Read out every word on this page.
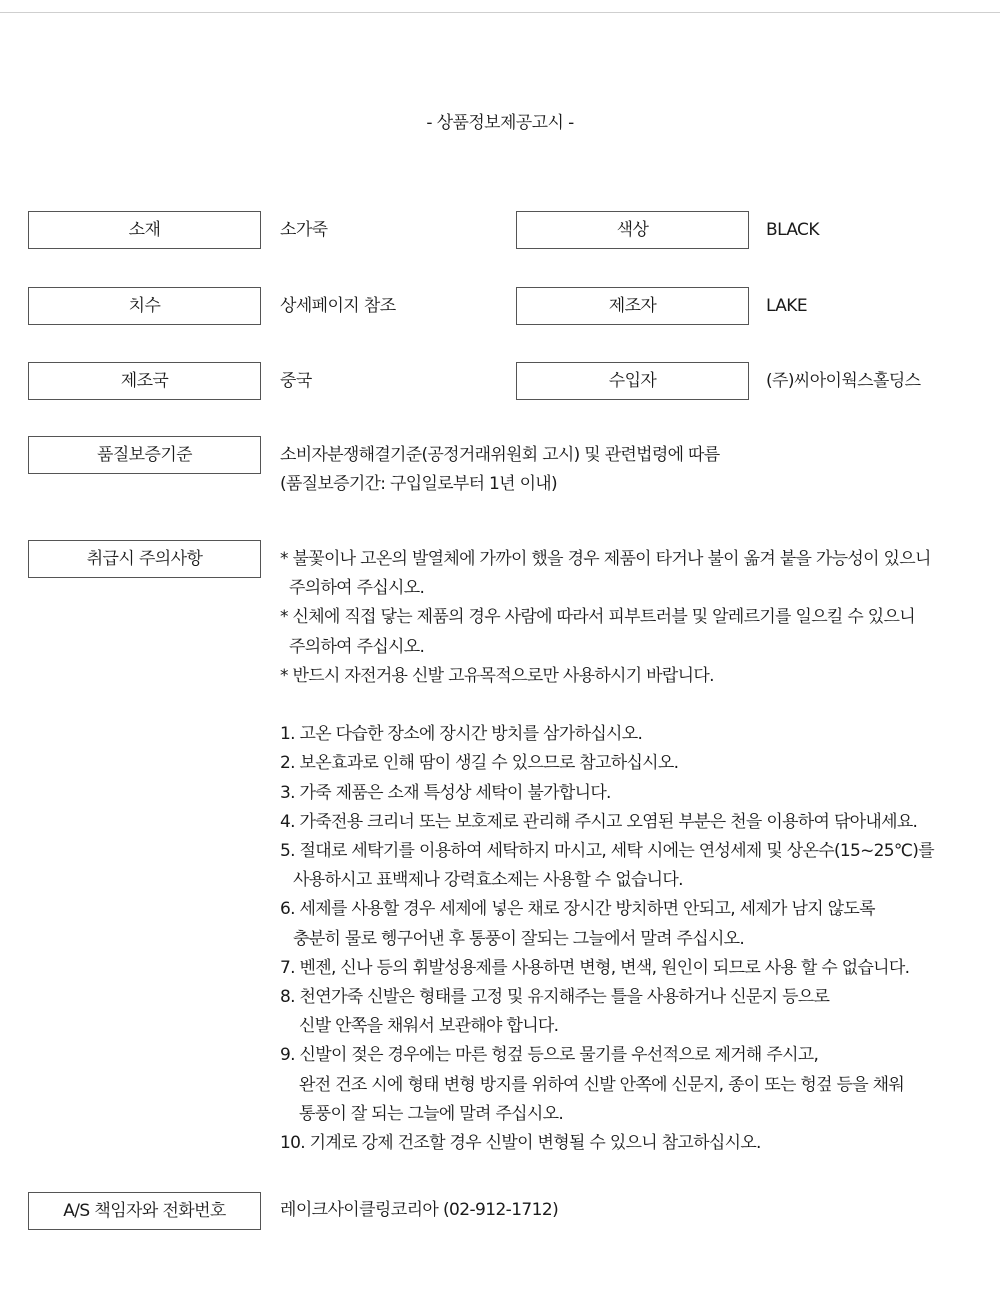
- 상품정보제공고시 -
소재	소가죽	색상	BLACK
치수	상세페이지 참조	제조자	LAKE
제조국	중국	수입자	(주)씨아이웍스홀딩스
품질보증기준	소비자분쟁해결기준(공정거래위원회 고시) 및 관련법령에 따름
(품질보증기간: 구입일로부터 1년 이내)
취급시 주의사항	* 불꽃이나 고온의 발열체에 가까이 했을 경우 제품이 타거나 불이 옮겨 붙을 가능성이 있으니
주의하여 주십시오.
* 신체에 직접 닿는 제품의 경우 사람에 따라서 피부트러블 및 알레르기를 일으킬 수 있으니
주의하여 주십시오.
* 반드시 자전거용 신발 고유목적으로만 사용하시기 바랍니다.
1. 고온 다습한 장소에 장시간 방치를 삼가하십시오.
2. 보온효과로 인해 땀이 생길 수 있으므로 참고하십시오.
3. 가죽 제품은 소재 특성상 세탁이 불가합니다.
4. 가죽전용 크리너 또는 보호제로 관리해 주시고 오염된 부분은 천을 이용하여 닦아내세요.
5. 절대로 세탁기를 이용하여 세탁하지 마시고, 세탁 시에는 연성세제 및 상온수(15~25℃)를
사용하시고 표백제나 강력효소제는 사용할 수 없습니다.
6. 세제를 사용할 경우 세제에 넣은 채로 장시간 방치하면 안되고, 세제가 남지 않도록
충분히 물로 헹구어낸 후 통풍이 잘되는 그늘에서 말려 주십시오.
7. 벤젠, 신나 등의 휘발성용제를 사용하면 변형, 변색, 원인이 되므로 사용 할 수 없습니다.
8. 천연가죽 신발은 형태를 고정 및 유지해주는 틀을 사용하거나 신문지 등으로
신발 안쪽을 채워서 보관해야 합니다.
9. 신발이 젖은 경우에는 마른 헝겊 등으로 물기를 우선적으로 제거해 주시고,
완전 건조 시에 형태 변형 방지를 위하여 신발 안쪽에 신문지, 종이 또는 헝겊 등을 채워
통풍이 잘 되는 그늘에 말려 주십시오.
10. 기계로 강제 건조할 경우 신발이 변형될 수 있으니 참고하십시오.
A/S 책임자와 전화번호	레이크사이클링코리아 (02-912-1712)
